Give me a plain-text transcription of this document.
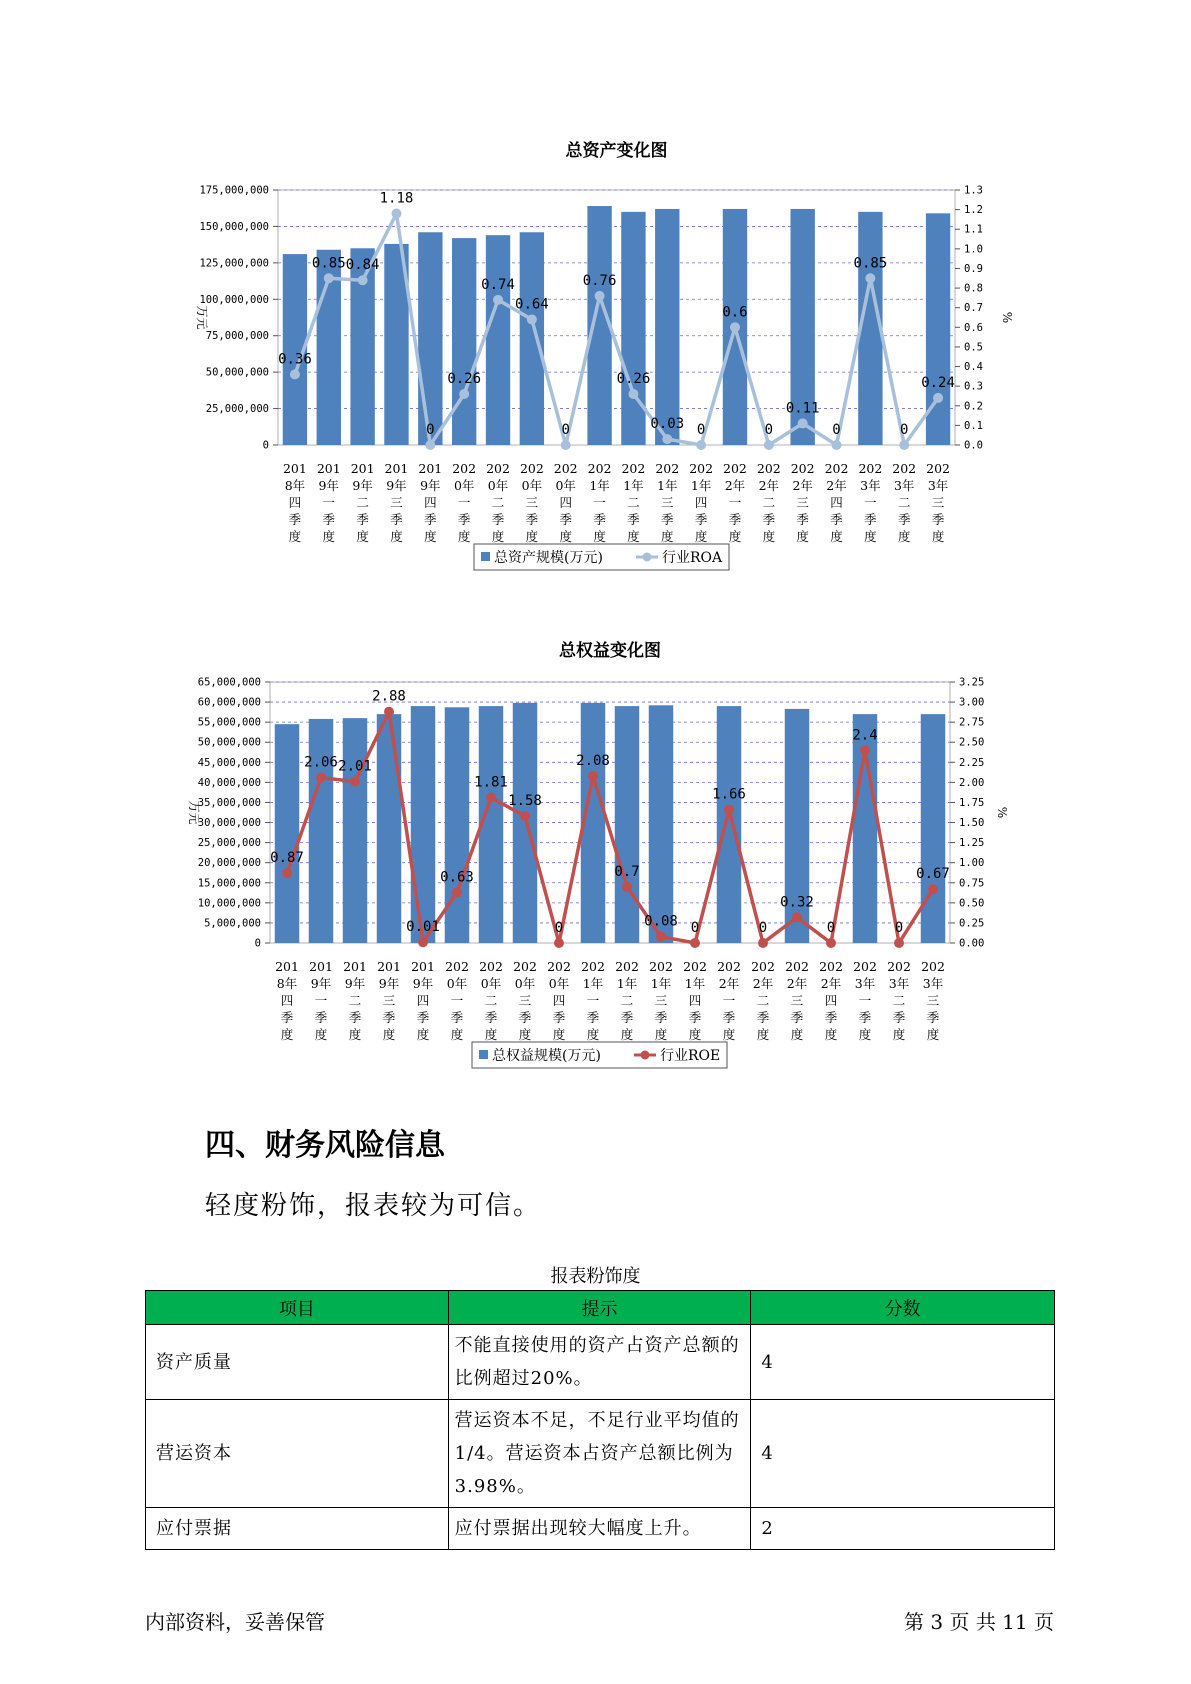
总资产变化图
175,000,000
150,000,000
125,000,000
100,000,000
75,000,000
50,000,000
25,000,000
0
1.3
1.2
1.1
1.0
0.9
0.8
0.7
0.6
0.5
0.4
0.3
0.2
0.1
0.0
万元	%
0.36
0.85 0.84
1.18
0
0.26
0.74
0.64
0
0.76
0.26
0.03 0
0.6
0
0.11
0
0.85
0
0.24
201
8年
四
季
度
201
9年
一
季
度
201
9年
二
季
度
201
9年
三
季
度
201
9年
四
季
度
202
0年
一
季
度
202
0年
二
季
度
202
0年
三
季
度
202
0年
四
季
度
202
1年
一
季
度
202
1年
二
季
度
202
1年
三
季
度
202
1年
四
季
度
202
2年
一
季
度
202
2年
二
季
度
202
2年
三
季
度
202
2年
四
季
度
202
3年
一
季
度
202
3年
二
季
度
202
3年
三
季
度
总资产规模(万元)	行业ROA
总权益变化图
65,000,000
60,000,000
55,000,000
50,000,000
45,000,000
40,000,000
35,000,000
30,000,000
25,000,000
20,000,000
15,000,000
10,000,000
5,000,000
0
3.25
3.00
2.75
2.50
2.25
2.00
1.75
1.50
1.25
1.00
0.75
0.50
0.25
0.00
万元	%
0.87
2.06 2.01
2.88
0.01
0.63
1.81
1.58
0
2.08
0.7
0.08 0
1.66
0
0.32
0
2.4
0
0.67
201
8年
四
季
度
201
9年
一
季
度
201
9年
二
季
度
201
9年
三
季
度
201
9年
四
季
度
202
0年
一
季
度
202
0年
二
季
度
202
0年
三
季
度
202
0年
四
季
度
202
1年
一
季
度
202
1年
二
季
度
202
1年
三
季
度
202
1年
四
季
度
202
2年
一
季
度
202
2年
二
季
度
202
2年
三
季
度
202
2年
四
季
度
202
3年
一
季
度
202
3年
二
季
度
202
3年
三
季
度
总权益规模(万元)	行业ROE
四、财务风险信息

轻度粉饰，报表较为可信。

报表粉饰度
项目	提示	分数
资产质量	不能直接使用的资产占资产总额的比例超过20%。	4
营运资本	营运资本不足，不足行业平均值的1/4。营运资本占资产总额比例为3.98%。	4
应付票据	应付票据出现较大幅度上升。	2
内部资料，妥善保管	第 3 页 共 11 页
